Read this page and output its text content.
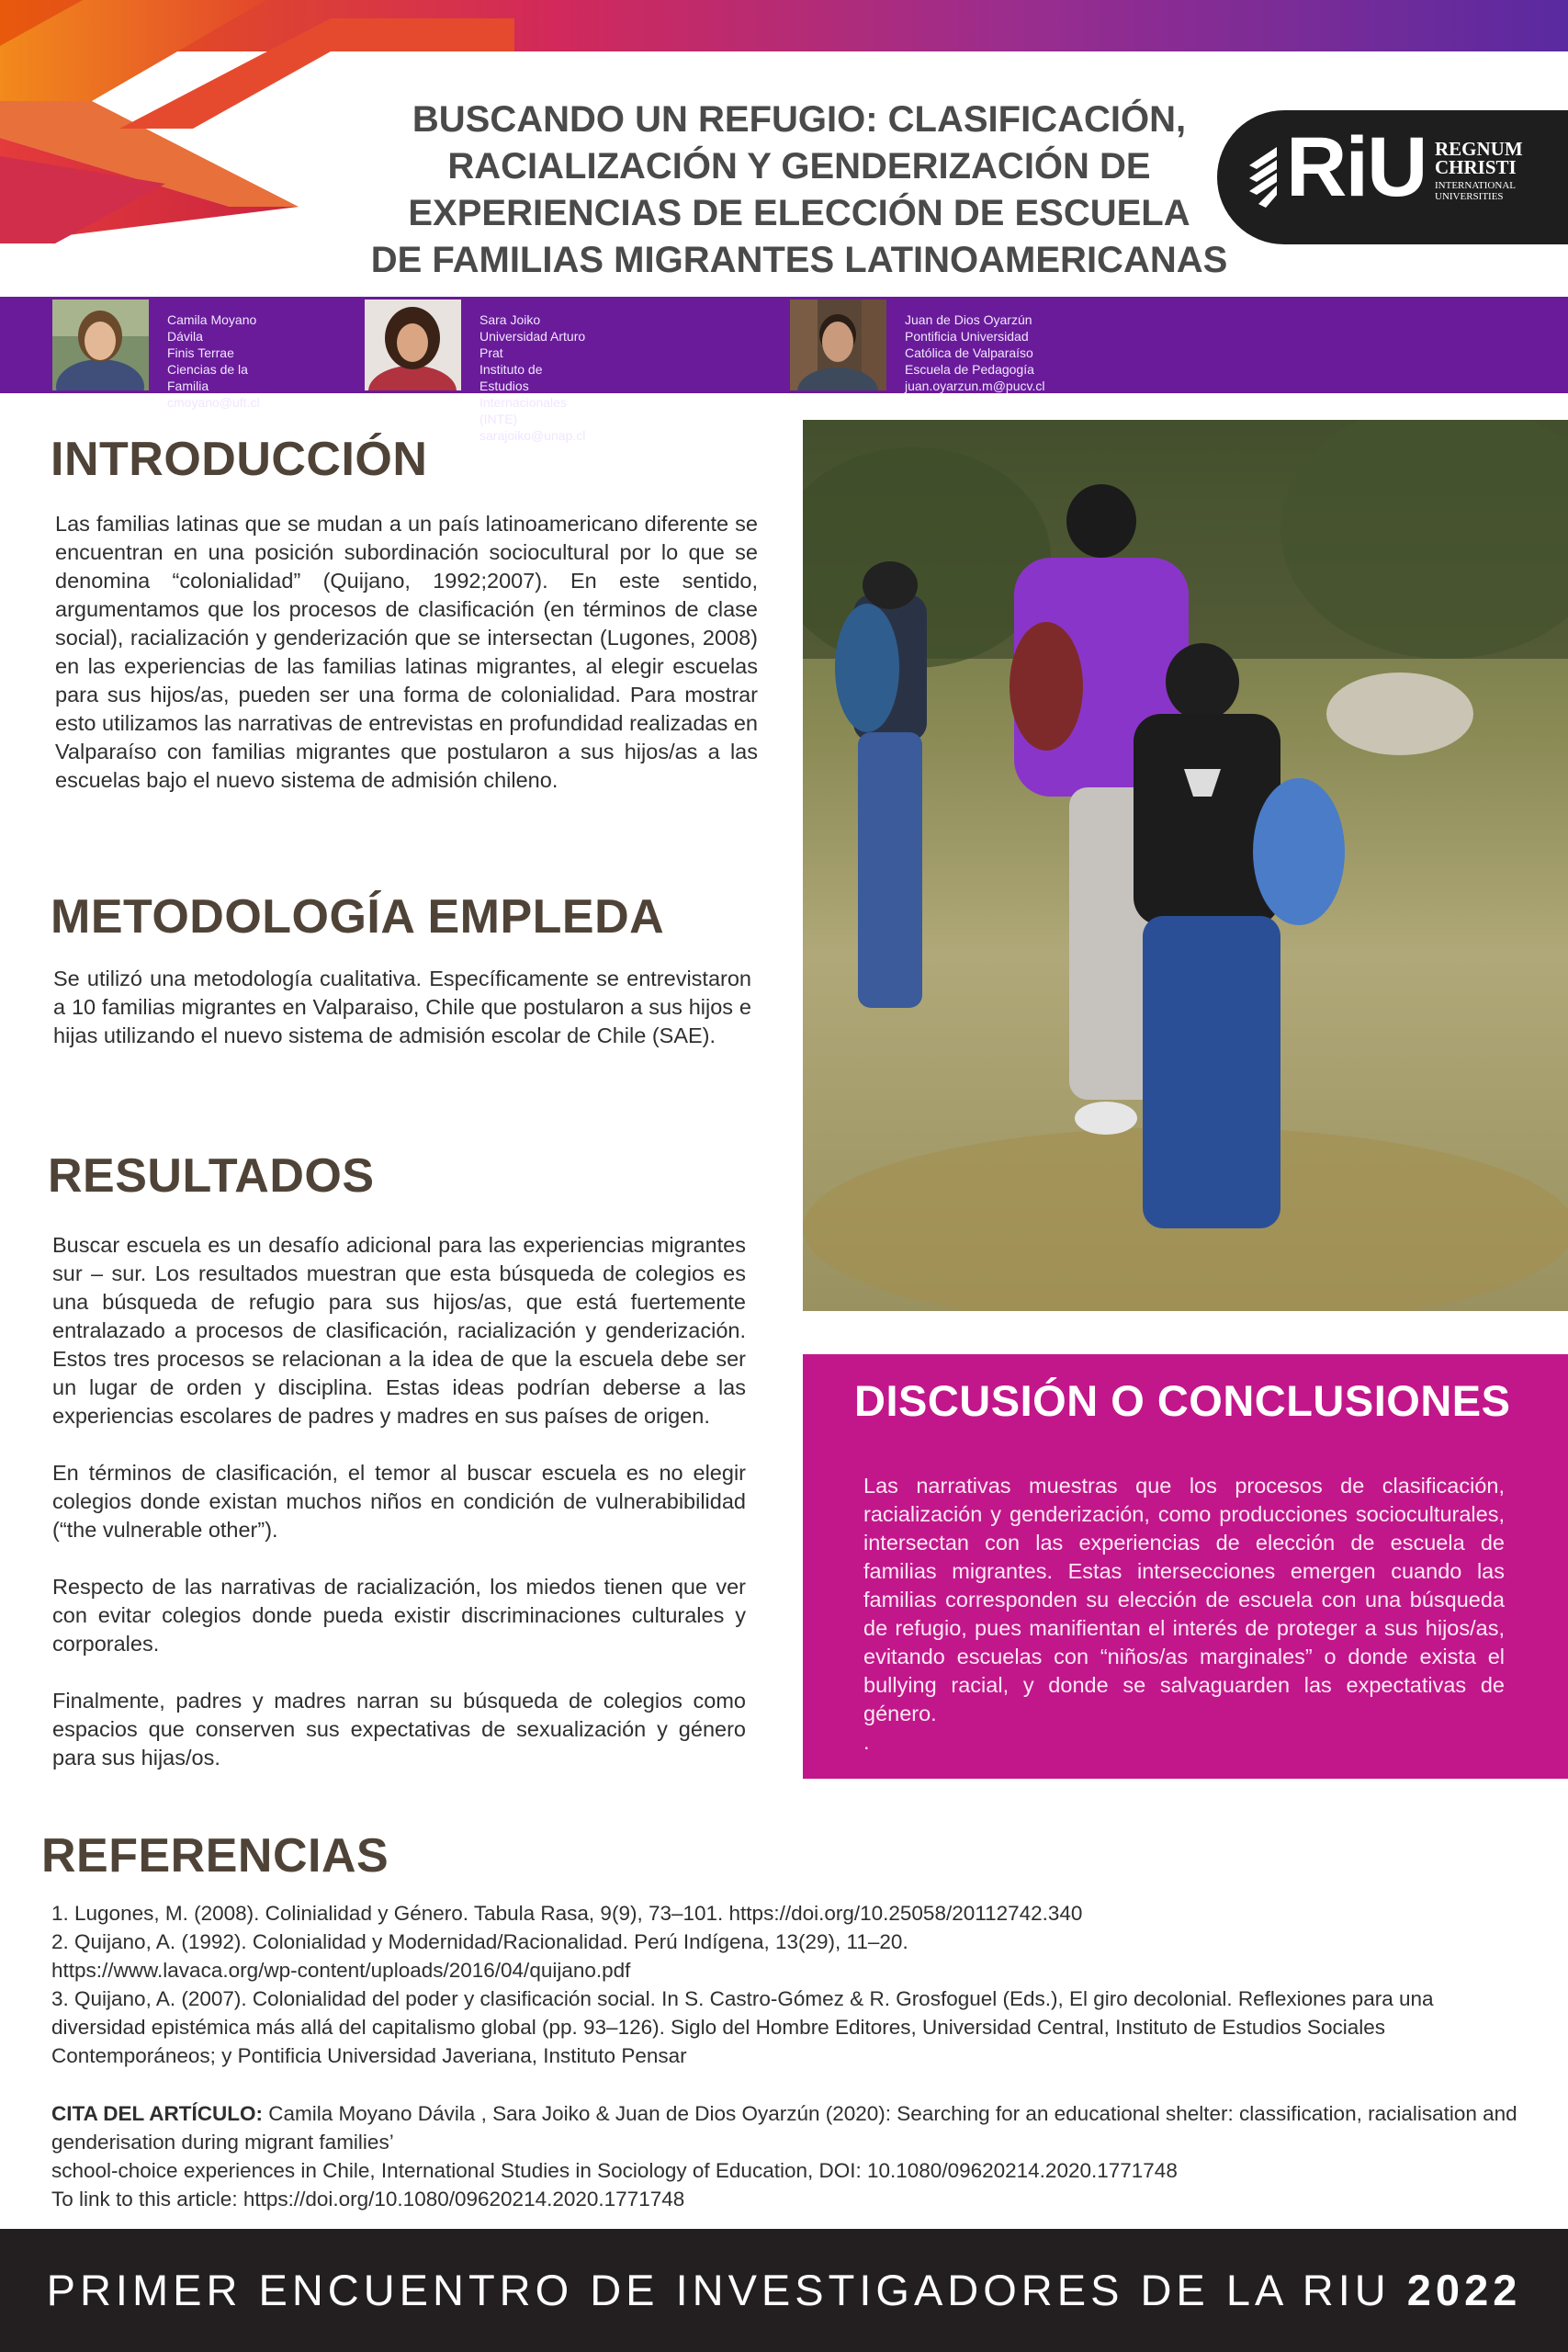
BUSCANDO UN REFUGIO: CLASIFICACIÓN,
RACIALIZACIÓN Y GENDERIZACIÓN DE
EXPERIENCIAS DE ELECCIÓN DE ESCUELA
DE FAMILIAS MIGRANTES LATINOAMERICANAS
RiU REGNUM
CHRISTI
INTERNATIONAL
UNIVERSITIES
Camila Moyano Dávila
Finis Terrae
Ciencias de la Familia
cmoyano@uft.cl
Sara Joiko
Universidad Arturo Prat
Instituto de Estudios Internacionales (INTE)
sarajoiko@unap.cl
Juan de Dios Oyarzún
Pontificia Universidad Católica de Valparaíso
Escuela de Pedagogía
juan.oyarzun.m@pucv.cl
INTRODUCCIÓN
Las familias latinas que se mudan a un país latinoamericano diferente se encuentran en una posición subordinación sociocultural por lo que se denomina “colonialidad” (Quijano, 1992;2007). En este sentido, argumentamos que los procesos de clasificación (en términos de clase social), racialización y genderización que se intersectan (Lugones, 2008) en las experiencias de las familias latinas migrantes, al elegir escuelas para sus hijos/as, pueden ser una forma de colonialidad. Para mostrar esto utilizamos las narrativas de entrevistas en profundidad realizadas en Valparaíso con familias migrantes que postularon a sus hijos/as a las escuelas bajo el nuevo sistema de admisión chileno.
METODOLOGÍA EMPLEDA
Se utilizó una metodología cualitativa. Específicamente se entrevistaron a 10 familias migrantes en Valparaiso, Chile que postularon a sus hijos e hijas utilizando el nuevo sistema de admisión escolar de Chile (SAE).
RESULTADOS

Buscar escuela es un desafío adicional para las experiencias migrantes sur – sur. Los resultados muestran que esta búsqueda de colegios es una búsqueda de refugio para sus hijos/as, que está fuertemente entralazado a procesos de clasificación, racialización y genderización. Estos tres procesos se relacionan a la idea de que la escuela debe ser un lugar de orden y disciplina. Estas ideas podrían deberse a las experiencias escolares de padres y madres en sus países de origen.

En términos de clasificación, el temor al buscar escuela es no elegir colegios donde existan muchos niños en condición de vulnerabibilidad (“the vulnerable other”).

Respecto de las narrativas de racialización, los miedos tienen que ver con evitar colegios donde pueda existir discriminaciones culturales y corporales.

Finalmente, padres y madres narran su búsqueda de colegios como espacios que conserven sus expectativas de sexualización y género para sus hijas/os.

DISCUSIÓN O CONCLUSIONES
Las narrativas muestras que los procesos de clasificación, racialización y genderización, como producciones socioculturales, intersectan con las experiencias de elección de escuela de familias migrantes. Estas intersecciones emergen cuando las familias corresponden su elección de escuela con una búsqueda de refugio, pues manifientan el interés de proteger a sus hijos/as, evitando escuelas con “niños/as marginales” o donde exista el bullying racial, y donde se salvaguarden las expectativas de género.
.
REFERENCIAS

1. Lugones, M. (2008). Colinialidad y Género. Tabula Rasa, 9(9), 73–101. https://doi.org/10.25058/20112742.340

2. Quijano, A. (1992). Colonialidad y Modernidad/Racionalidad. Perú Indígena, 13(29), 11–20.

https://www.lavaca.org/wp-content/uploads/2016/04/quijano.pdf

3. Quijano, A. (2007). Colonialidad del poder y clasificación social. In S. Castro-Gómez & R. Grosfoguel (Eds.), El giro decolonial. Reflexiones para una diversidad epistémica más allá del capitalismo global (pp. 93–126). Siglo del Hombre Editores, Universidad Central, Instituto de Estudios Sociales Contemporáneos; y Pontificia Universidad Javeriana, Instituto Pensar

CITA DEL ARTÍCULO: Camila Moyano Dávila , Sara Joiko & Juan de Dios Oyarzún (2020): Searching for an educational shelter: classification, racialisation and genderisation during migrant families’

school-choice experiences in Chile, International Studies in Sociology of Education, DOI: 10.1080/09620214.2020.1771748

To link to this article: https://doi.org/10.1080/09620214.2020.1771748

PRIMER ENCUENTRO DE INVESTIGADORES DE LA RIU 2022
